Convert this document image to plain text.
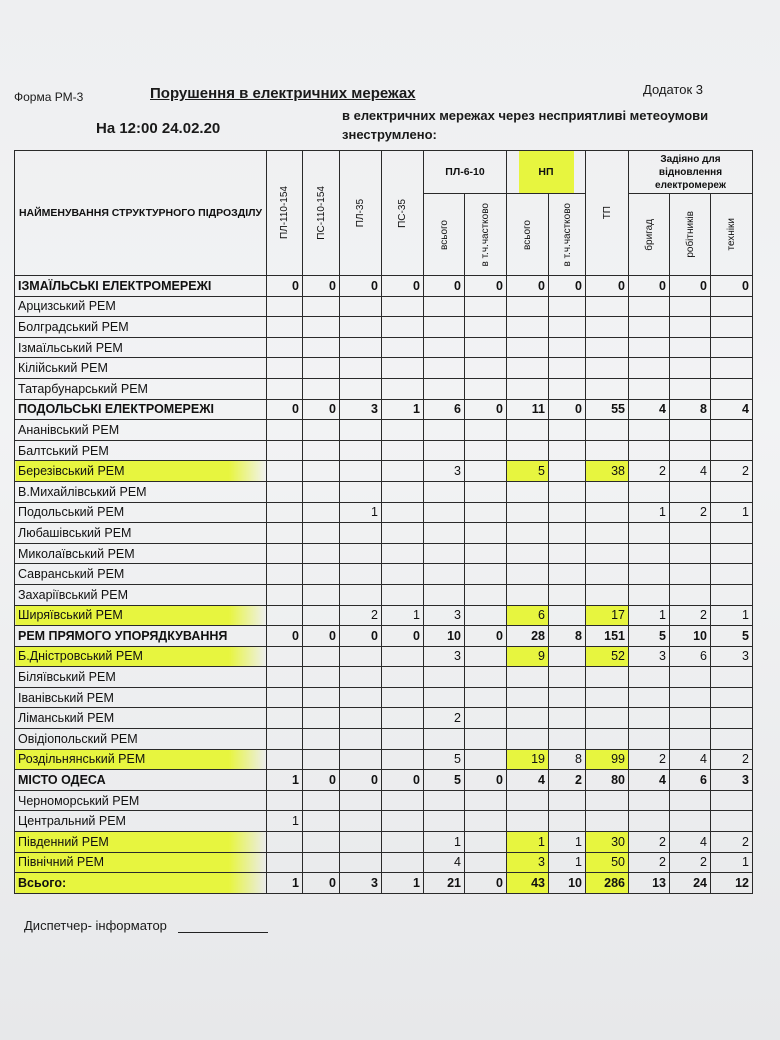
Форма РМ-3	Порушення в електричних мережах	Додаток 3
На 12:00 24.02.20
в електричних мережах через несприятливі метеоумови
знеструмлено:
НАЙМЕНУВАННЯ СТРУКТУРНОГО ПІДРОЗДІЛУ	ПЛ-110-154	ПС-110-154	ПЛ-35	ПС-35	ПЛ-6-10		НП		ТП	Задіяно для відновлення електромереж		

					всього	в т.ч.частково	всього	в т.ч.частково		бригад	робітників	техніки

ІЗМАЇЛЬСЬКІ ЕЛЕКТРОМЕРЕЖІ	0	0	0	0	0	0	0	0	0	0	0	0
Арцизський РЕМ												
Болградський РЕМ												
Ізмаїльський РЕМ												
Кілійський РЕМ												
Татарбунарський РЕМ												
ПОДОЛЬСЬКІ ЕЛЕКТРОМЕРЕЖІ	0	0	3	1	6	0	11	0	55	4	8	4
Ананівський РЕМ												
Балтський РЕМ												
Березівський РЕМ					3		5		38	2	4	2
В.Михайлівський РЕМ												
Подольський РЕМ			1							1	2	1
Любашівський РЕМ												
Миколаївський РЕМ												
Савранський РЕМ												
Захаріївський РЕМ												
Ширяївський РЕМ			2	1	3		6		17	1	2	1
РЕМ ПРЯМОГО УПОРЯДКУВАННЯ	0	0	0	0	10	0	28	8	151	5	10	5
Б.Дністровський РЕМ					3		9		52	3	6	3
Біляївський РЕМ												
Іванівський РЕМ												
Ліманський РЕМ					2							
Овідіопольский РЕМ												
Роздільнянський РЕМ					5		19	8	99	2	4	2
МІСТО ОДЕСА	1	0	0	0	5	0	4	2	80	4	6	3
Черноморський РЕМ												
Центральний РЕМ	1											
Південний РЕМ					1		1	1	30	2	4	2
Північний РЕМ					4		3	1	50	2	2	1
Всього:	1	0	3	1	21	0	43	10	286	13	24	12
Диспетчер- інформатор
